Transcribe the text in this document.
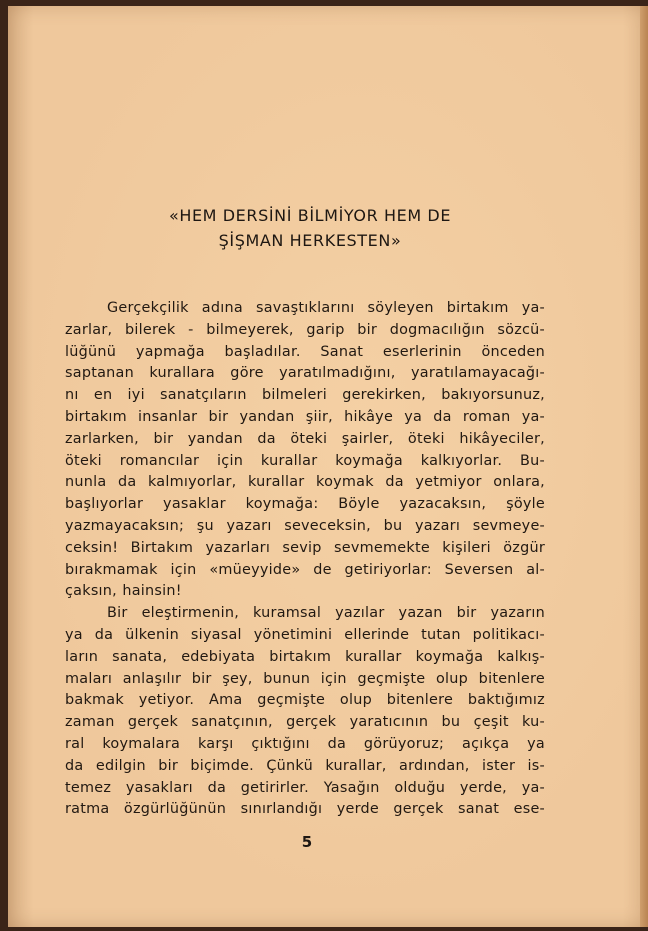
«HEM DERSİNİ BİLMİYOR HEM DE
ŞİŞMAN HERKESTEN»
Gerçekçilik adına savaştıklarını söyleyen birtakım ya-
zarlar, bilerek - bilmeyerek, garip bir dogmacılığın sözcü-
lüğünü yapmağa başladılar. Sanat eserlerinin önceden
saptanan kurallara göre yaratılmadığını, yaratılamayacağı-
nı en iyi sanatçıların bilmeleri gerekirken, bakıyorsunuz,
birtakım insanlar bir yandan şiir, hikâye ya da roman ya-
zarlarken, bir yandan da öteki şairler, öteki hikâyeciler,
öteki romancılar için kurallar koymağa kalkıyorlar. Bu-
nunla da kalmıyorlar, kurallar koymak da yetmiyor onlara,
başlıyorlar yasaklar koymağa: Böyle yazacaksın, şöyle
yazmayacaksın; şu yazarı seveceksin, bu yazarı sevmeye-
ceksin! Birtakım yazarları sevip sevmemekte kişileri özgür
bırakmamak için «müeyyide» de getiriyorlar: Seversen al-
çaksın, hainsin!
Bir eleştirmenin, kuramsal yazılar yazan bir yazarın
ya da ülkenin siyasal yönetimini ellerinde tutan politikacı-
ların sanata, edebiyata birtakım kurallar koymağa kalkış-
maları anlaşılır bir şey, bunun için geçmişte olup bitenlere
bakmak yetiyor. Ama geçmişte olup bitenlere baktığımız
zaman gerçek sanatçının, gerçek yaratıcının bu çeşit ku-
ral koymalara karşı çıktığını da görüyoruz; açıkça ya
da edilgin bir biçimde. Çünkü kurallar, ardından, ister is-
temez yasakları da getirirler. Yasağın olduğu yerde, ya-
ratma özgürlüğünün sınırlandığı yerde gerçek sanat ese-
5
